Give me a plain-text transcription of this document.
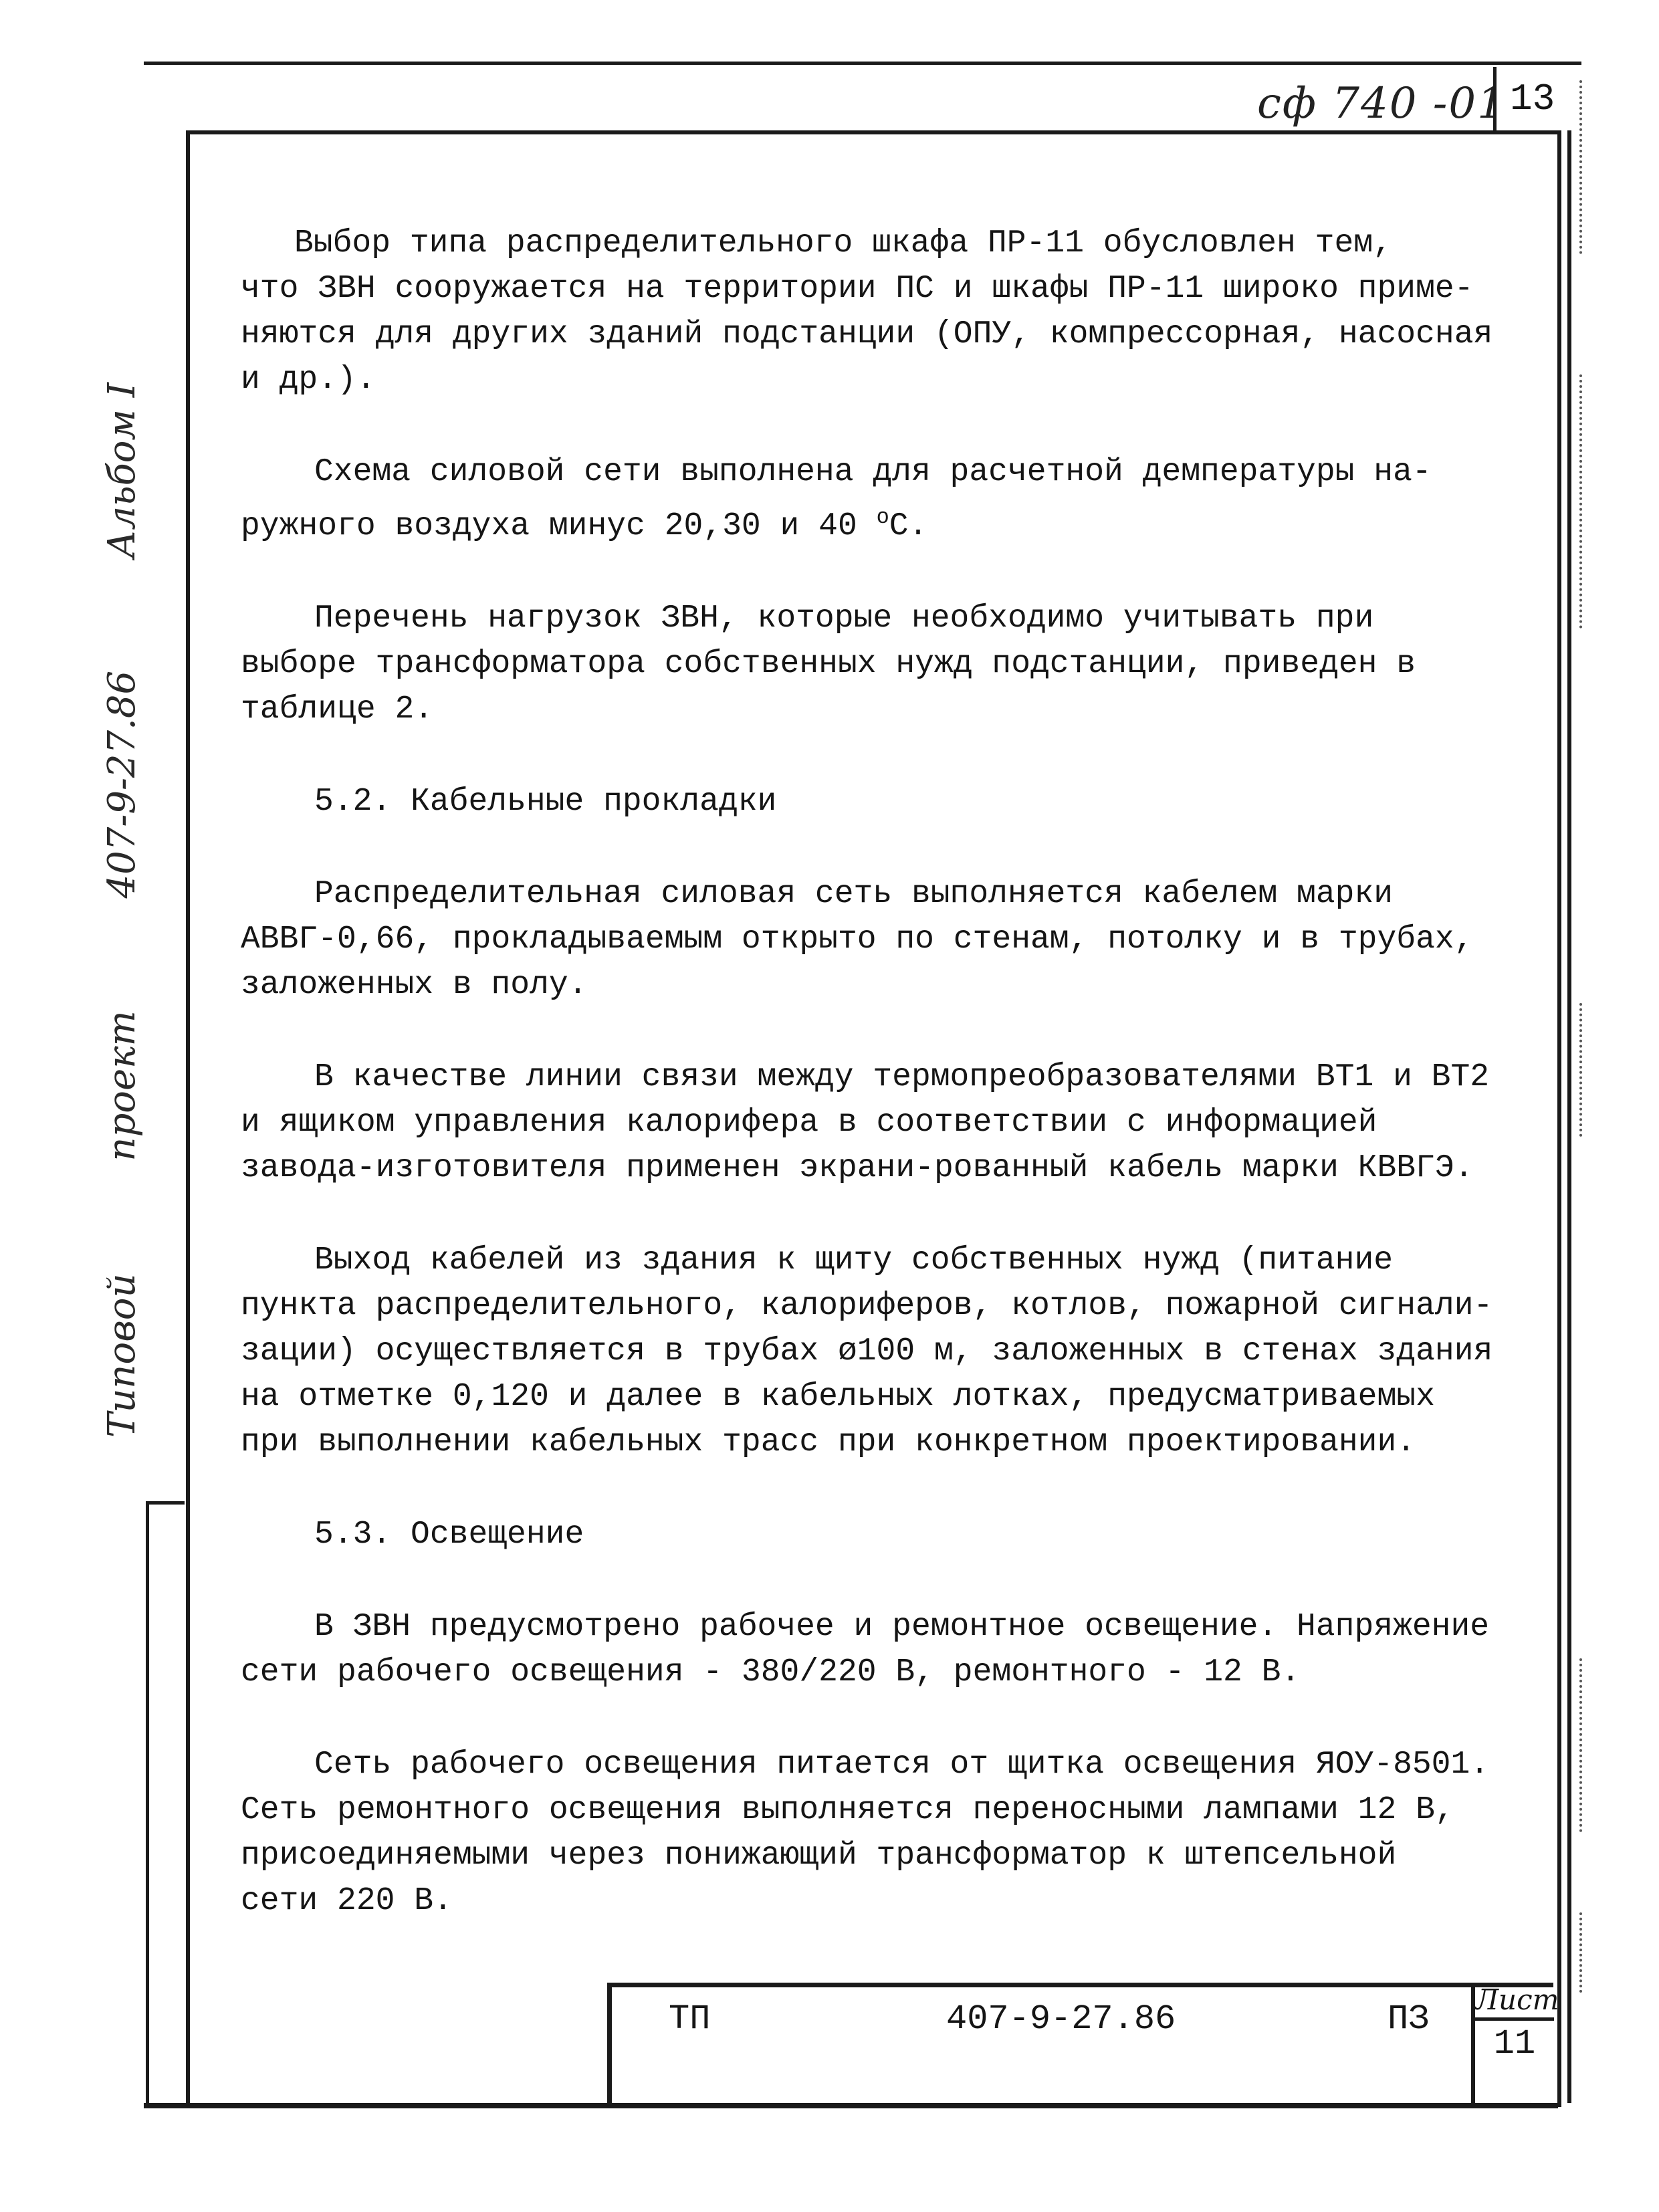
сф 740 -01 13
Типовой проект 407-9-27.86 Альбом I

Выбор типа распределительного шкафа ПР-11 обусловлен тем,
что ЗВН сооружается на территории ПС и шкафы ПР-11 широко приме-
няются для других зданий подстанции (ОПУ, компрессорная, насосная
и др.).

Схема силовой сети выполнена для расчетной демпературы на-
ружного воздуха минус 20,30 и 40 $^о$С.

Перечень нагрузок ЗВН, которые необходимо учитывать при
выборе трансформатора собственных нужд подстанции, приведен в
таблице 2.

5.2. Кабельные прокладки

Распределительная силовая сеть выполняется кабелем марки
АВВГ-0,66, прокладываемым открыто по стенам, потолку и в трубах,
заложенных в полу.

В качестве линии связи между термопреобразователями ВТ1 и ВТ2
и ящиком управления калорифера в соответствии с информацией
завода-изготовителя применен экрани-рованный кабель марки КВВГЭ.

Выход кабелей из здания к щиту собственных нужд (питание
пункта распределительного, калориферов, котлов, пожарной сигнали-
зации) осуществляется в трубах ø100 м, заложенных в стенах здания
на отметке 0,120 и далее в кабельных лотках, предусматриваемых
при выполнении кабельных трасс при конкретном проектировании.

5.3. Освещение

В ЗВН предусмотрено рабочее и ремонтное освещение. Напряжение
сети рабочего освещения - 380/220 В, ремонтного - 12 В.

Сеть рабочего освещения питается от щитка освещения ЯОУ-8501.
Сеть ремонтного освещения выполняется переносными лампами 12 В,
присоединяемыми через понижающий трансформатор к штепсельной
сети 220 В.

ТП	407-9-27.86	ПЗ Лист
11
